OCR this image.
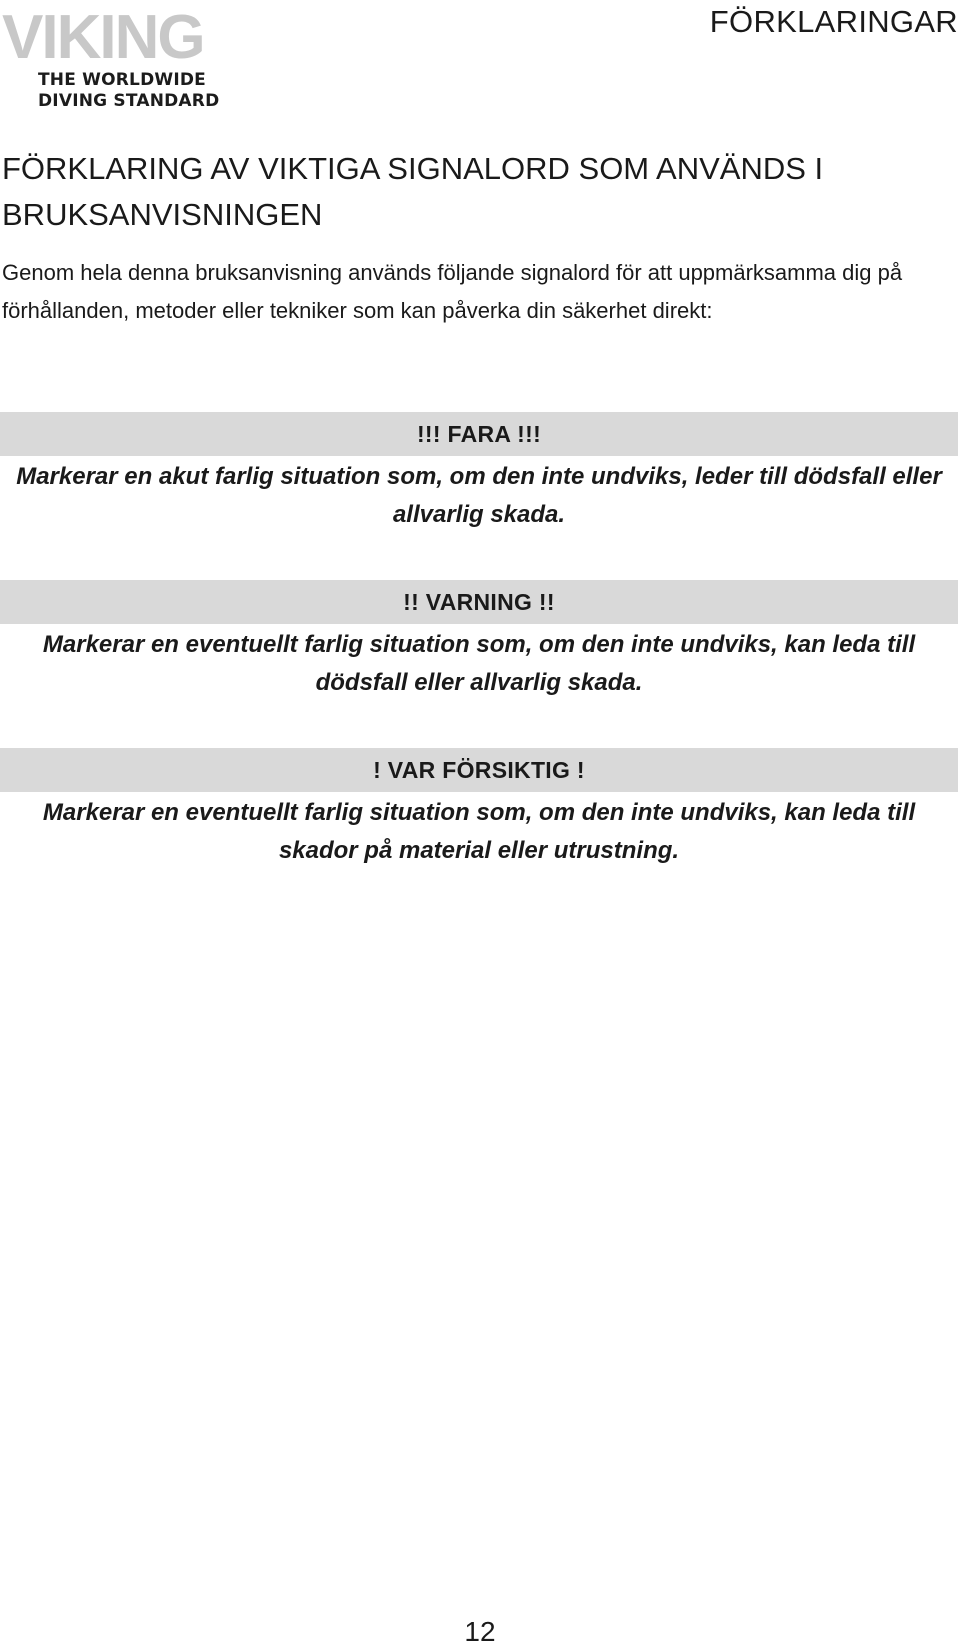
VIKING
THE WORLDWIDE
DIVING STANDARD
FÖRKLARINGAR
FÖRKLARING AV VIKTIGA SIGNALORD SOM ANVÄNDS I BRUKSANVISNINGEN

Genom hela denna bruksanvisning används följande signalord för att uppmärksamma dig på förhållanden, metoder eller tekniker som kan påverka din säkerhet direkt:

!!! FARA !!!

Markerar en akut farlig situation som, om den inte undviks, leder till dödsfall eller allvarlig skada.

!! VARNING !!

Markerar en eventuellt farlig situation som, om den inte undviks, kan leda till dödsfall eller allvarlig skada.

! VAR FÖRSIKTIG !

Markerar en eventuellt farlig situation som, om den inte undviks, kan leda till skador på material eller utrustning.

12
